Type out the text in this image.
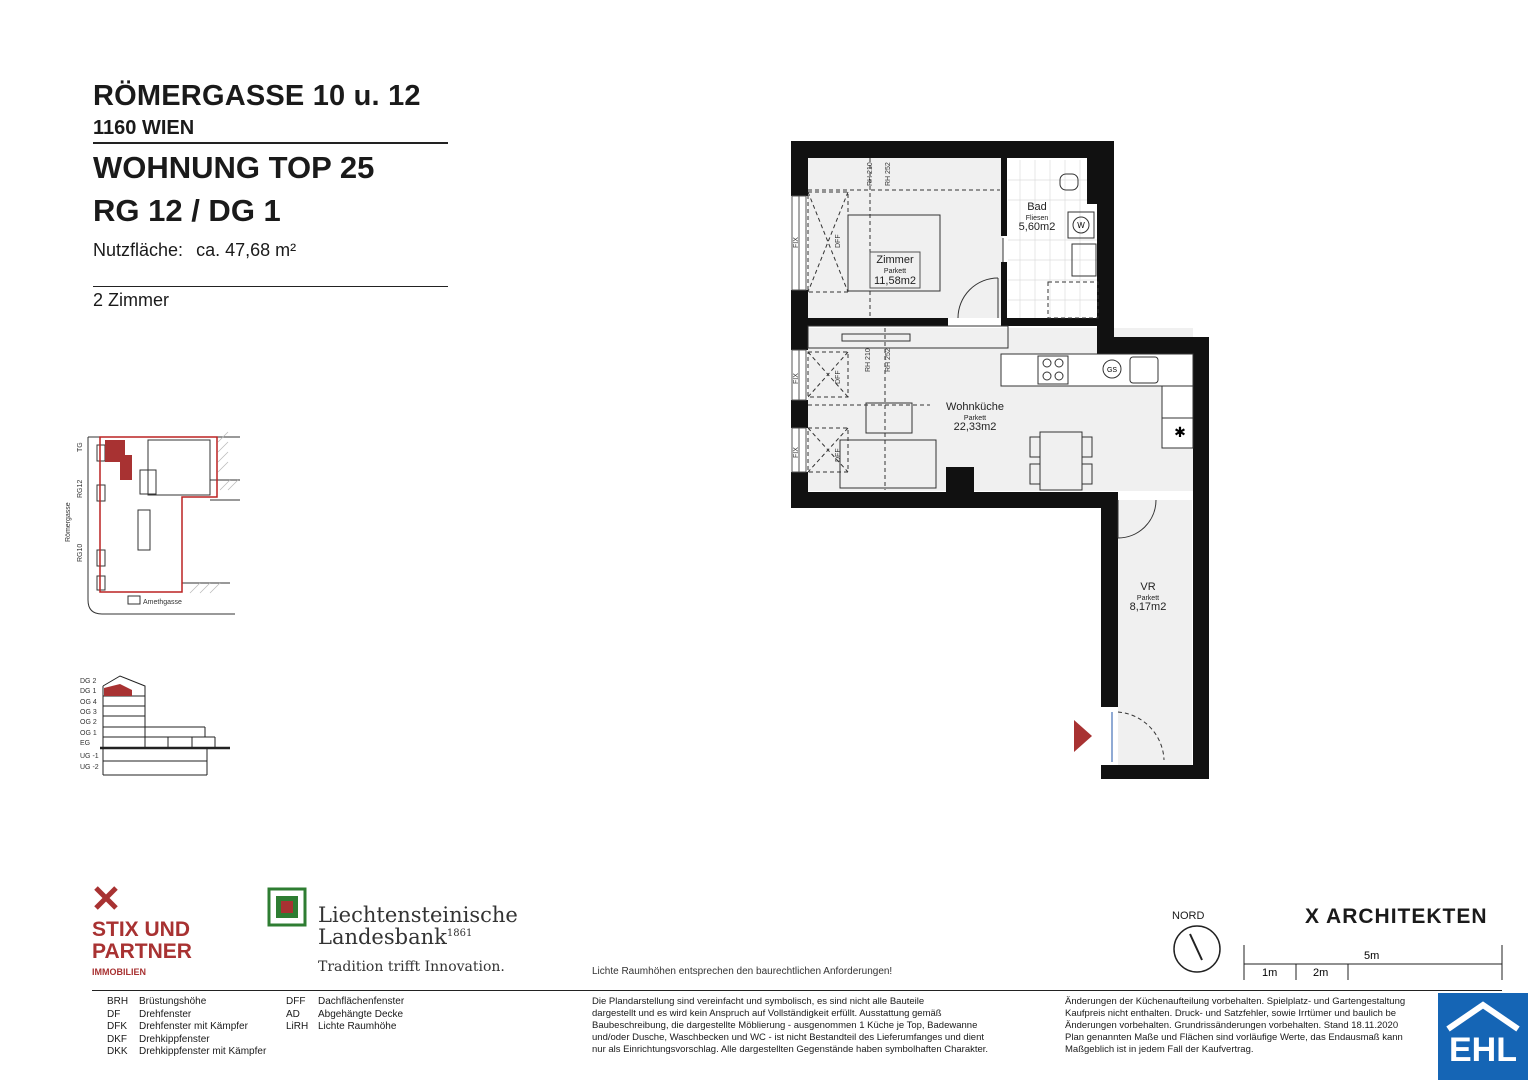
RÖMERGASSE 10 u. 12
1160 WIEN
WOHNUNG TOP 25
RG 12 / DG 1
Nutzfläche: ca. 47,68 m²
2 Zimmer
GS
✱
W
Zimmer
Parkett
11,58m2
Bad
Fliesen
5,60m2
Wohnküche
Parkett
22,33m2
VR
Parkett
8,17m2
FIX
FIX
FIX
DFF
DFF
DFF
RH 210 RH 252
RH 210 RH 252
TG
RG12
Römergasse
RG10
Amethgasse
DG 2
DG 1
OG 4
OG 3
OG 2
OG 1
EG
UG -1
UG -2
STIX UND
PARTNER
IMMOBILIEN
Liechtensteinische
Landesbank$^{1861}$
Tradition trifft Innovation.	Lichte Raumhöhen entsprechen den baurechtlichen Anforderungen!
NORD
1m	2m
5m
X ARCHITEKTEN
BRH	Brüstungshöhe
DF	Drehfenster
DFK	Drehfenster mit Kämpfer
DKF	Drehkippfenster
DKK	Drehkippfenster mit Kämpfer
DFF	Dachflächenfenster
AD	Abgehängte Decke
LiRH Lichte Raumhöhe
Die Plandarstellung sind vereinfacht und symbolisch, es sind nicht alle Bauteile
dargestellt und es wird kein Anspruch auf Vollständigkeit erfüllt. Ausstattung gemäß
Baubeschreibung, die dargestellte Möblierung - ausgenommen 1 Küche je Top, Badewanne
und/oder Dusche, Waschbecken und WC - ist nicht Bestandteil des Lieferumfanges und dient
nur als Einrichtungsvorschlag. Alle dargestellten Gegenstände haben symbolhaften Charakter.
Änderungen der Küchenaufteilung vorbehalten. Spielplatz- und Gartengestaltung
Kaufpreis nicht enthalten. Druck- und Satzfehler, sowie Irrtümer und baulich be
Änderungen vorbehalten. Grundrissänderungen vorbehalten. Stand 18.11.2020
Plan genannten Maße und Flächen sind vorläufige Werte, das Endausmaß kann
Maßgeblich ist in jedem Fall der Kaufvertrag.	EHL
